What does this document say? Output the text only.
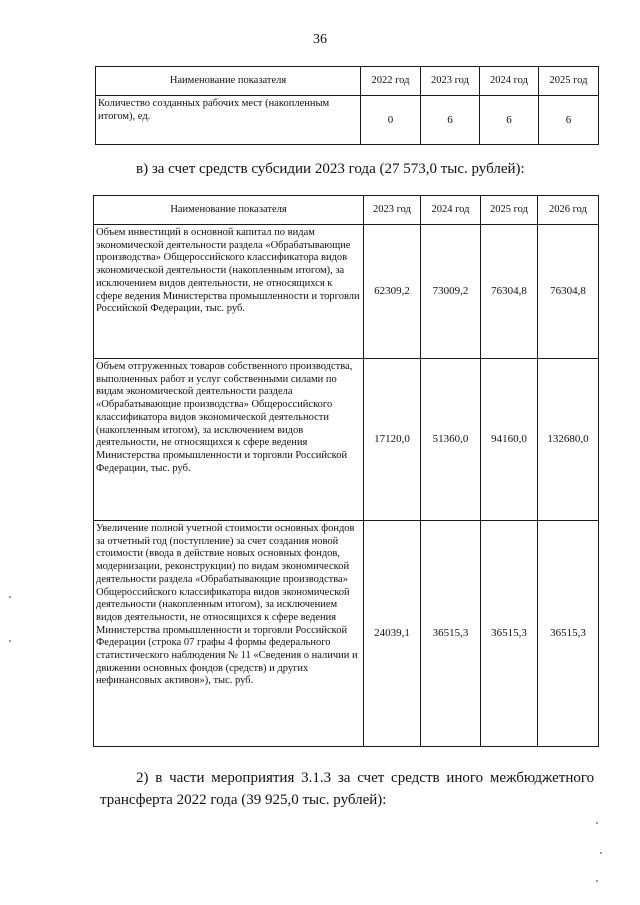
36
Наименование показателя	2022 год	2023 год	2024 год	2025 год
Количество созданных рабочих мест (накопленным итогом), ед.	0	6	6	6
в) за счет средств субсидии 2023 года (27 573,0 тыс. рублей):
Наименование показателя	2023 год	2024 год	2025 год	2026 год
Объем инвестиций в основной капитал по видам экономической деятельности раздела «Обрабатывающие производства» Общероссийского классификатора видов экономической деятельности (накопленным итогом), за исключением видов деятельности, не относящихся к сфере ведения Министерства промышленности и торговли Российской Федерации, тыс. руб.	62309,2	73009,2	76304,8	76304,8
Объем отгруженных товаров собственного производства, выполненных работ и услуг собственными силами по видам экономической деятельности раздела «Обрабатывающие производства» Общероссийского классификатора видов экономической деятельности (накопленным итогом), за исключением видов деятельности, не относящихся к сфере ведения Министерства промышленности и торговли Российской Федерации, тыс. руб.	17120,0	51360,0	94160,0	132680,0
Увеличение полной учетной стоимости основных фондов за отчетный год (поступление) за счет создания новой стоимости (ввода в действие новых основных фондов, модернизации, реконструкции) по видам экономической деятельности раздела «Обрабатывающие производства» Общероссийского классификатора видов экономической деятельности (накопленным итогом), за исключением видов деятельности, не относящихся к сфере ведения Министерства промышленности и торговли Российской Федерации (строка 07 графы 4 формы федерального статистического наблюдения № 11 «Сведения о наличии и движении основных фондов (средств) и других нефинансовых активов»), тыс. руб.	24039,1	36515,3	36515,3	36515,3
2) в части мероприятия 3.1.3 за счет средств иного межбюджетного
трансферта 2022 года (39 925,0 тыс. рублей):
